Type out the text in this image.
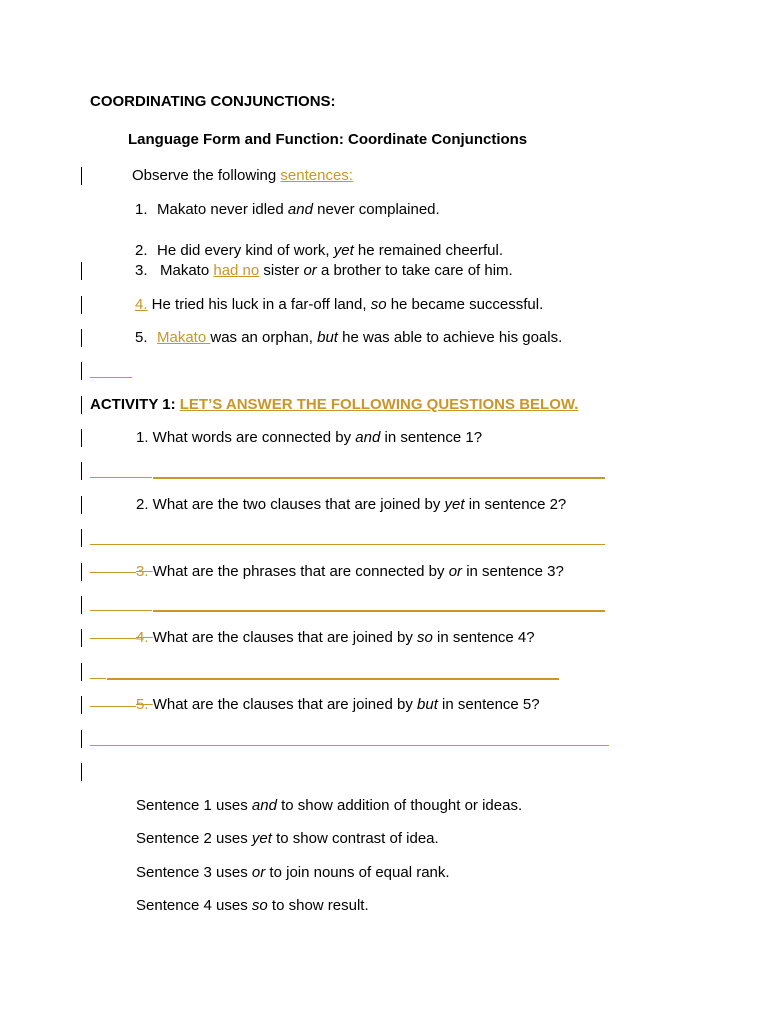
COORDINATING CONJUNCTIONS:
Language Form and Function: Coordinate Conjunctions
Observe the following sentences:
1. Makato never idled and never complained.
2. He did every kind of work, yet he remained cheerful.
3. Makato had no sister or a brother to take care of him.
4. He tried his luck in a far-off land, so he became successful.
5. Makato was an orphan, but he was able to achieve his goals.
ACTIVITY 1: LET’S ANSWER THE FOLLOWING QUESTIONS BELOW.
1. What words are connected by and in sentence 1?
2. What are the two clauses that are joined by yet in sentence 2?
3. What are the phrases that are connected by or in sentence 3?
4. What are the clauses that are joined by so in sentence 4?
5. What are the clauses that are joined by but in sentence 5?
Sentence 1 uses and to show addition of thought or ideas.
Sentence 2 uses yet to show contrast of idea.
Sentence 3 uses or to join nouns of equal rank.
Sentence 4 uses so to show result.
